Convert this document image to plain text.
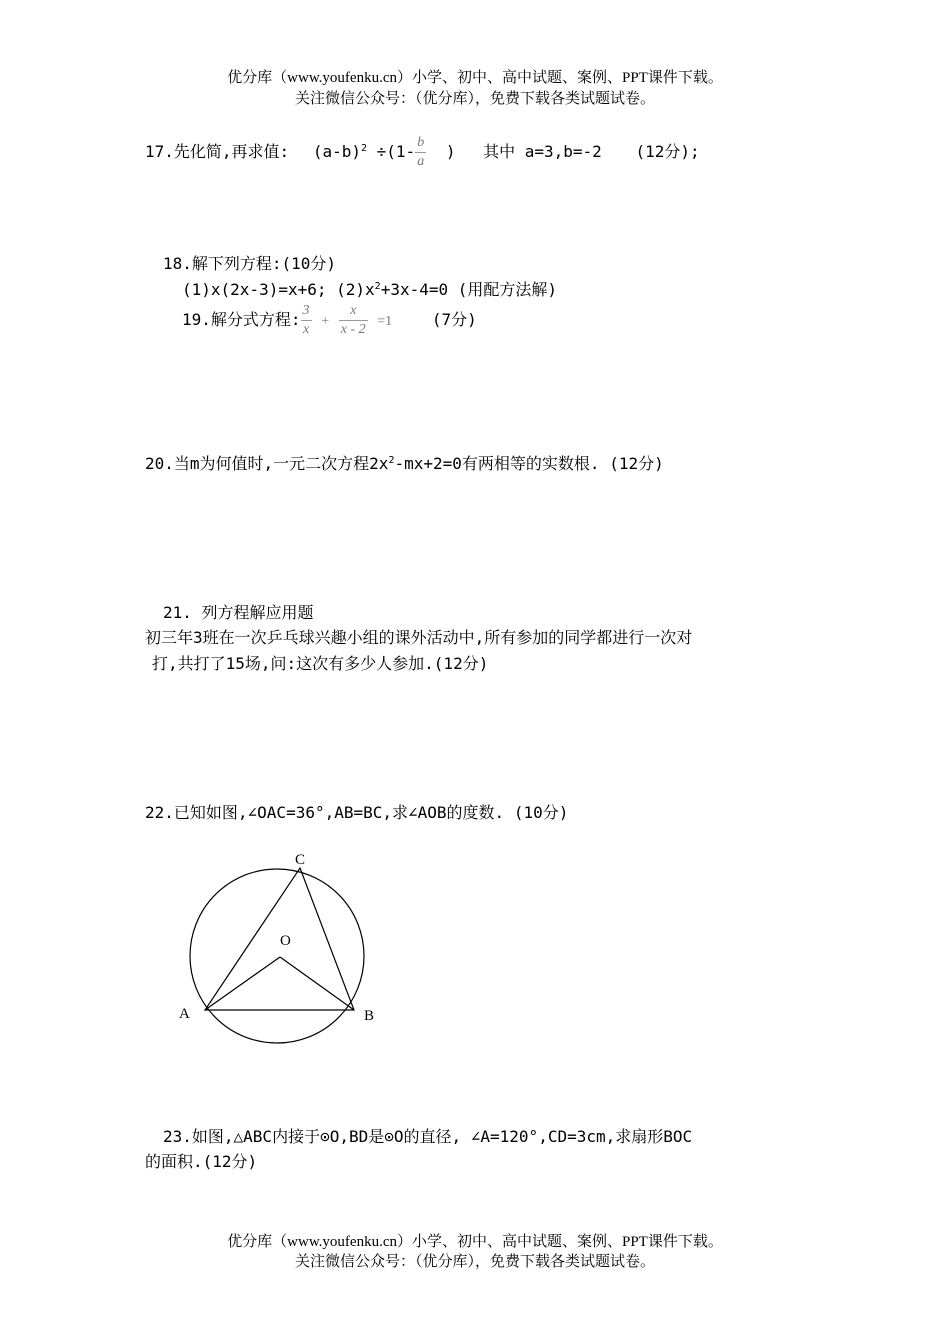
优分库（www.youfenku.cn）小学、初中、高中试题、案例、PPT课件下载。
关注微信公众号：（优分库），免费下载各类试题试卷。
17.先化简,再求值: $(a-b)^2 \div(1- \frac{b}{a}$ ) 其中 a=3,b=-2 (12分);
18.解下列方程:(10分)
(1)x(2x-3)=x+6; $(2)x^2+3x-4=0$ (用配方法解)
19.解分式方程: $\frac{3}{x} + \frac{x}{x - 2} =1$ (7分)
20.当m为何值时,一元二次方程$2x^2-mx+2=0$有两相等的实数根. (12分)
21. 列方程解应用题
初三年3班在一次乒乓球兴趣小组的课外活动中,所有参加的同学都进行一次对
打,共打了15场,问:这次有多少人参加.(12分)
22.已知如图,∠OAC=36°,AB=BC,求∠AOB的度数. (10分)
C
O
A	B
23.如图,△ABC内接于⊙O,BD是⊙O的直径, ∠A=120°,CD=3cm,求扇形BOC
的面积.(12分)
优分库（www.youfenku.cn）小学、初中、高中试题、案例、PPT课件下载。
关注微信公众号：（优分库），免费下载各类试题试卷。
